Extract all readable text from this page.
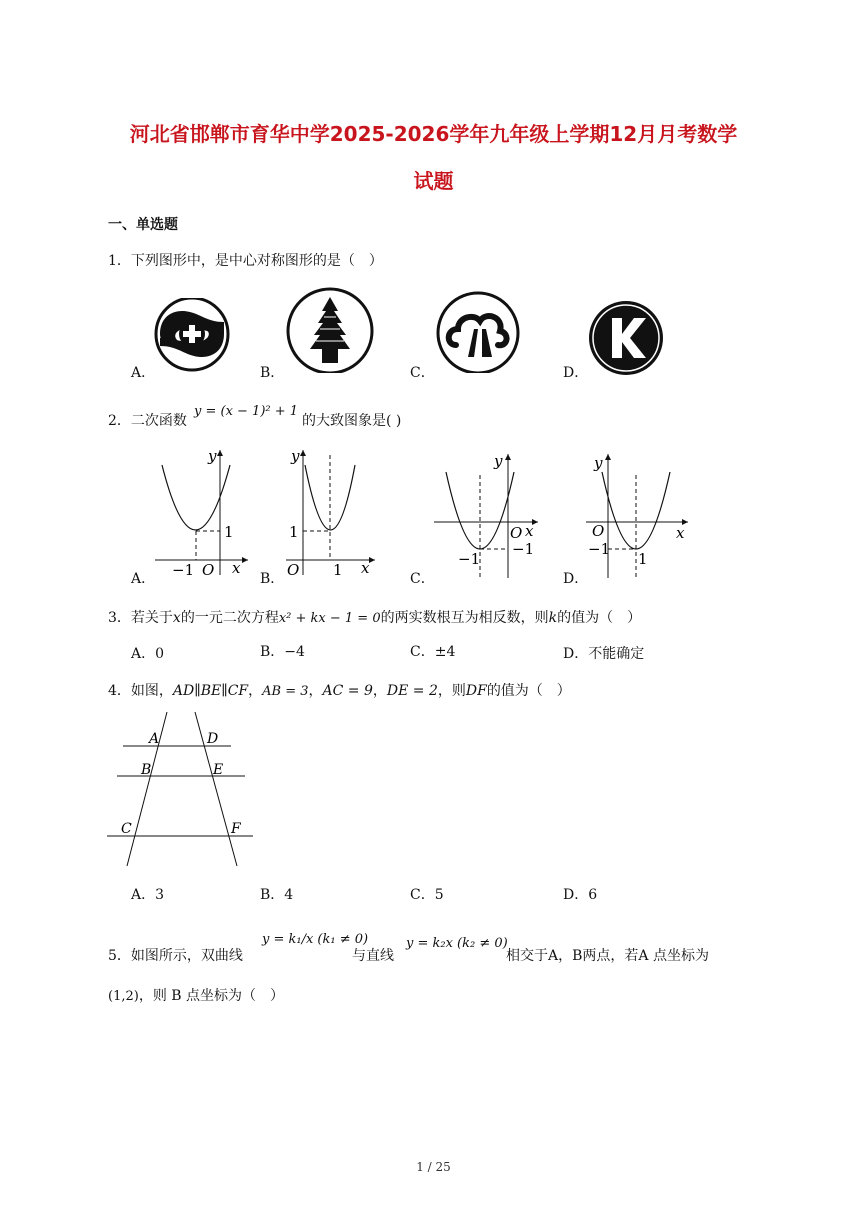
河北省邯郸市育华中学2025-2026学年九年级上学期12月月考数学
试题
一、单选题
1．下列图形中，是中心对称图形的是（　）
A．	B．	C．	D．
2．二次函数
y = (x − 1)² + 1
的大致图象是( )
y
1
−1 O x
A．
y
1
O 1 x
B．
y
O x
−1
−1
C．
y
O	x
−1
1
D．
3．若关于x的一元二次方程x² + kx − 1 = 0的两实数根互为相反数，则k的值为（　）
A．0	B．−4	C．±4	D．不能确定
4．如图，AD∥BE∥CF，AB = 3，AC = 9，DE = 2，则DF的值为（　）
A	D
B	E
C	F
A．3	B．4	C．5	D．6
5．如图所示，双曲线
y = k₁/x (k₁ ≠ 0)
与直线
y = k₂x (k₂ ≠ 0)
相交于A，B两点，若A 点坐标为
(1,2)，则 B 点坐标为（　）
1 / 25
